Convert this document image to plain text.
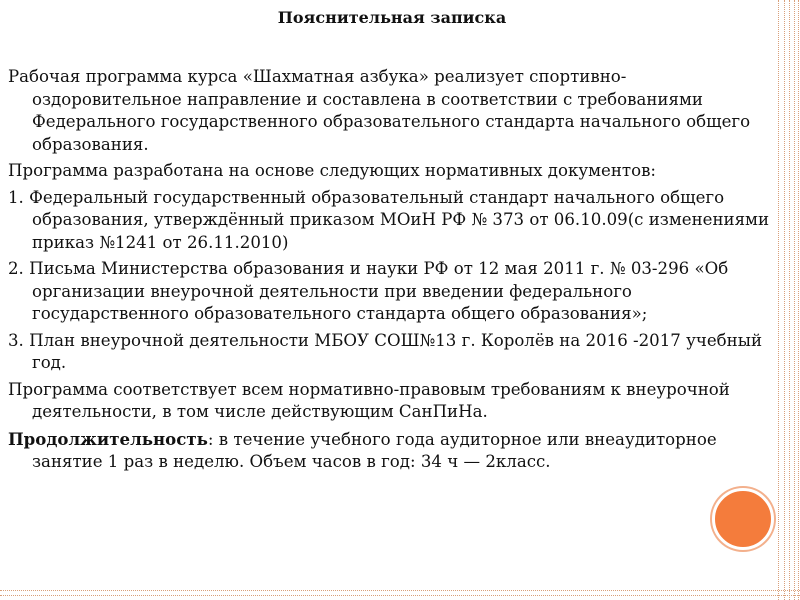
Пояснительная записка

Рабочая программа курса «Шахматная азбука» реализует спортивно-оздоровительное направление и составлена в соответствии с требованиями Федерального государственного образовательного стандарта начального общего образования.

Программа разработана на основе следующих нормативных документов:

1. Федеральный государственный образовательный стандарт начального общего образования, утверждённый приказом МОиН РФ № 373 от 06.10.09(с изменениями приказ №1241 от 26.11.2010)

2. Письма Министерства образования и науки РФ от 12 мая 2011 г. № 03-296 «Об организации внеурочной деятельности при введении федерального государственного образовательного стандарта общего образования»;

3. План внеурочной деятельности МБОУ СОШ№13 г. Королёв на 2016 -2017 учебный год.

Программа соответствует всем нормативно-правовым требованиям к внеурочной деятельности, в том числе действующим СанПиНа.

Продолжительность: в течение учебного года аудиторное или внеаудиторное занятие 1 раз в неделю. Объем часов в год: 34 ч — 2класс.
